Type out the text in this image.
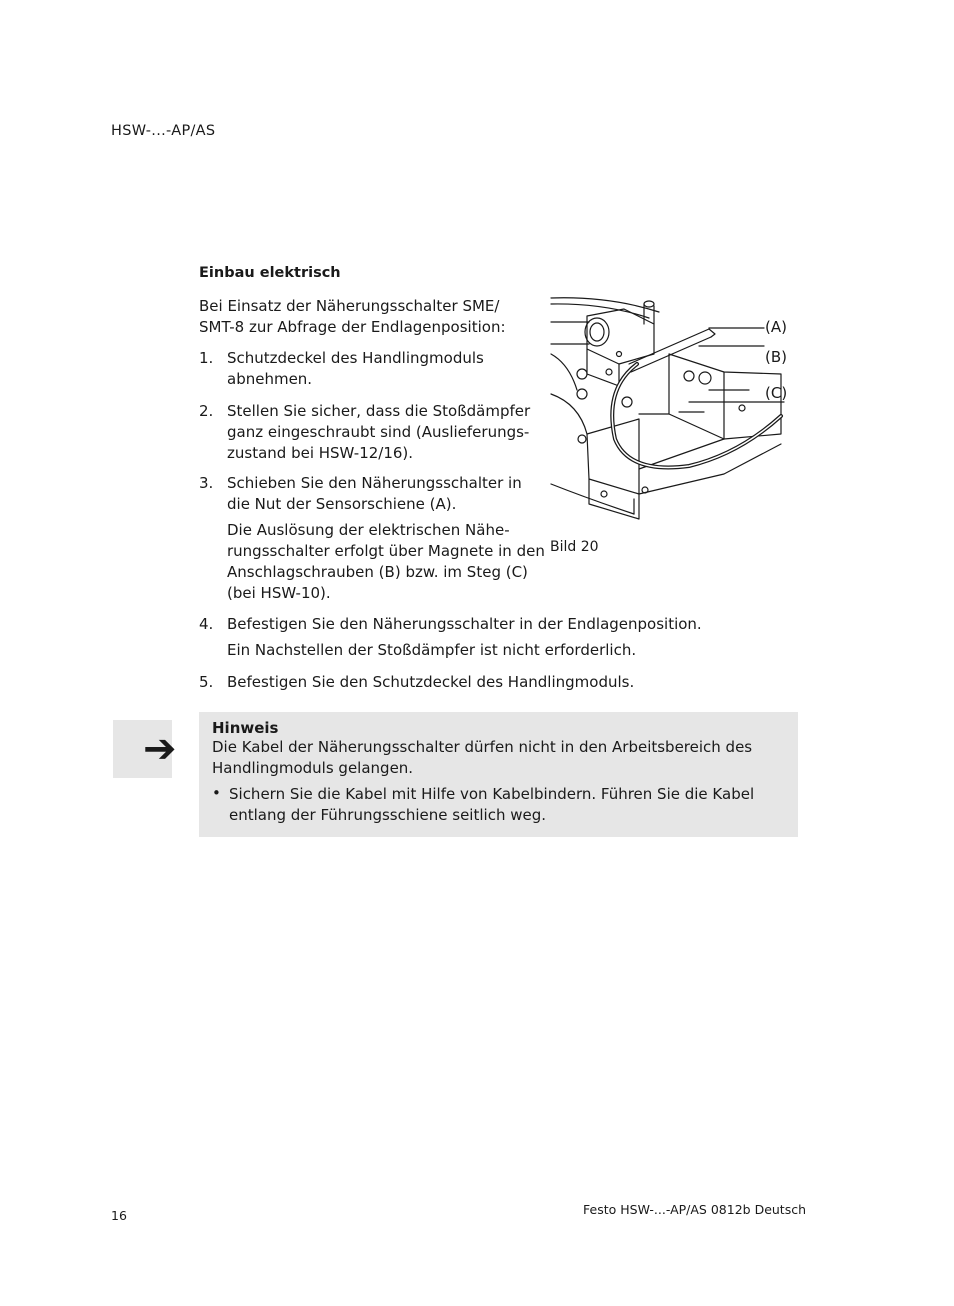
HSW-...-AP/AS
Einbau elektrisch
Bei Einsatz der Näherungsschalter SME/
SMT-8 zur Abfrage der Endlagenposition:
1. Schutzdeckel des Handlingmoduls
abnehmen.
2. Stellen Sie sicher, dass die Stoßdämpfer
ganz eingeschraubt sind (Auslieferungs-
zustand bei HSW-12/16).
3. Schieben Sie den Näherungsschalter in
die Nut der Sensorschiene (A).
Die Auslösung der elektrischen Nähe-
rungsschalter erfolgt über Magnete in den
Anschlagschrauben (B) bzw. im Steg (C)
(bei HSW-10).
4. Befestigen Sie den Näherungsschalter in der Endlagenposition.
Ein Nachstellen der Stoßdämpfer ist nicht erforderlich.
5. Befestigen Sie den Schutzdeckel des Handlingmoduls.
(A)
(B)
(C)
Bild 20
➔ Hinweis
Die Kabel der Näherungsschalter dürfen nicht in den Arbeitsbereich des
Handlingmoduls gelangen.
• Sichern Sie die Kabel mit Hilfe von Kabelbindern. Führen Sie die Kabel
entlang der Führungsschiene seitlich weg.
16	Festo HSW-...-AP/AS 0812b Deutsch
